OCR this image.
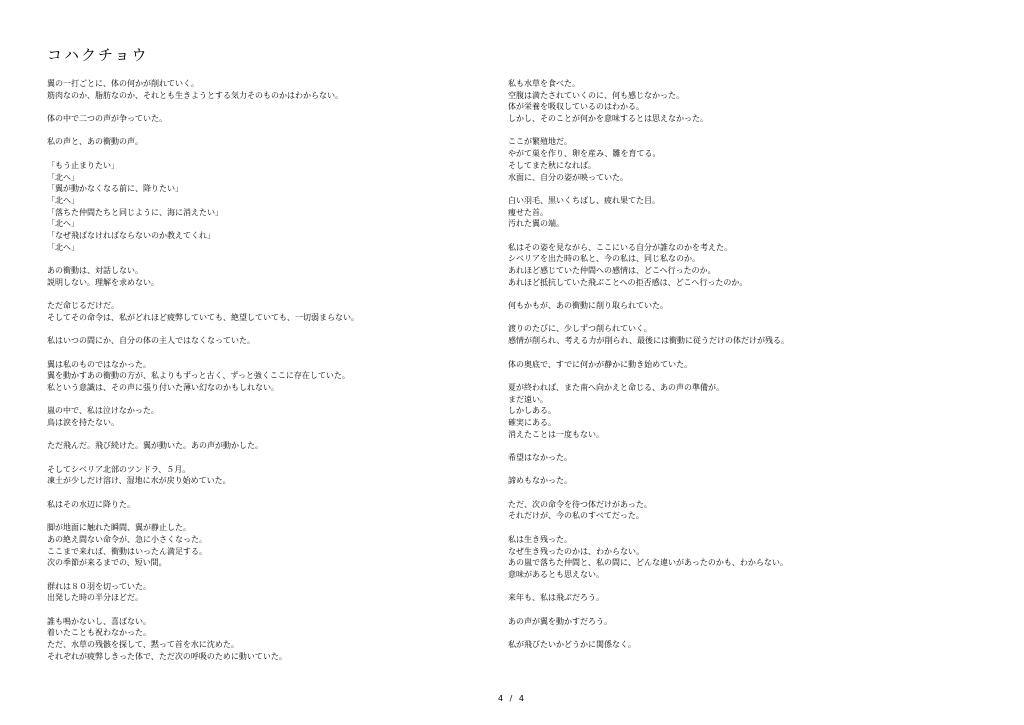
コハクチョウ
翼の一打ごとに、体の何かが削れていく。
筋肉なのか、脂肪なのか、それとも生きようとする気力そのものかはわからない。
体の中で二つの声が争っていた。
私の声と、あの衝動の声。
「もう止まりたい」
「北へ」
「翼が動かなくなる前に、降りたい」
「北へ」
「落ちた仲間たちと同じように、海に消えたい」
「北へ」
「なぜ飛ばなければならないのか教えてくれ」
「北へ」
あの衝動は、対話しない。
説明しない。理解を求めない。
ただ命じるだけだ。
そしてその命令は、私がどれほど疲弊していても、絶望していても、一切弱まらない。
私はいつの間にか、自分の体の主人ではなくなっていた。
翼は私のものではなかった。
翼を動かすあの衝動の方が、私よりもずっと古く、ずっと強くここに存在していた。
私という意識は、その声に張り付いた薄い幻なのかもしれない。
嵐の中で、私は泣けなかった。
鳥は涙を持たない。
ただ飛んだ。飛び続けた。翼が動いた。あの声が動かした。
そしてシベリア北部のツンドラ、５月。
凍土が少しだけ溶け、湿地に水が戻り始めていた。
私はその水辺に降りた。
脚が地面に触れた瞬間、翼が静止した。
あの絶え間ない命令が、急に小さくなった。
ここまで来れば、衝動はいったん満足する。
次の季節が来るまでの、短い間。
群れは８０羽を切っていた。
出発した時の半分ほどだ。
誰も鳴かないし、喜ばない。
着いたことも祝わなかった。
ただ、水草の残骸を探して、黙って首を水に沈めた。
それぞれが疲弊しきった体で、ただ次の呼吸のために動いていた。
私も水草を食べた。
空腹は満たされていくのに、何も感じなかった。
体が栄養を吸収しているのはわかる。
しかし、そのことが何かを意味するとは思えなかった。
ここが繁殖地だ。
やがて巣を作り、卵を産み、雛を育てる。
そしてまた秋になれば。
水面に、自分の姿が映っていた。
白い羽毛、黒いくちばし、疲れ果てた目。
痩せた首。
汚れた翼の端。
私はその姿を見ながら、ここにいる自分が誰なのかを考えた。
シベリアを出た時の私と、今の私は、同じ私なのか。
あれほど感じていた仲間への感情は、どこへ行ったのか。
あれほど抵抗していた飛ぶことへの拒否感は、どこへ行ったのか。
何もかもが、あの衝動に削り取られていた。
渡りのたびに、少しずつ削られていく。
感情が削られ、考える力が削られ、最後には衝動に従うだけの体だけが残る。
体の奥底で、すでに何かが静かに動き始めていた。
夏が終われば、また南へ向かえと命じる、あの声の準備が。
まだ遠い。
しかしある。
確実にある。
消えたことは一度もない。
希望はなかった。
諦めもなかった。
ただ、次の命令を待つ体だけがあった。
それだけが、今の私のすべてだった。
私は生き残った。
なぜ生き残ったのかは、わからない。
あの嵐で落ちた仲間と、私の間に、どんな違いがあったのかも、わからない。
意味があるとも思えない。
来年も、私は飛ぶだろう。
あの声が翼を動かすだろう。
私が飛びたいかどうかに関係なく。
4 / 4
